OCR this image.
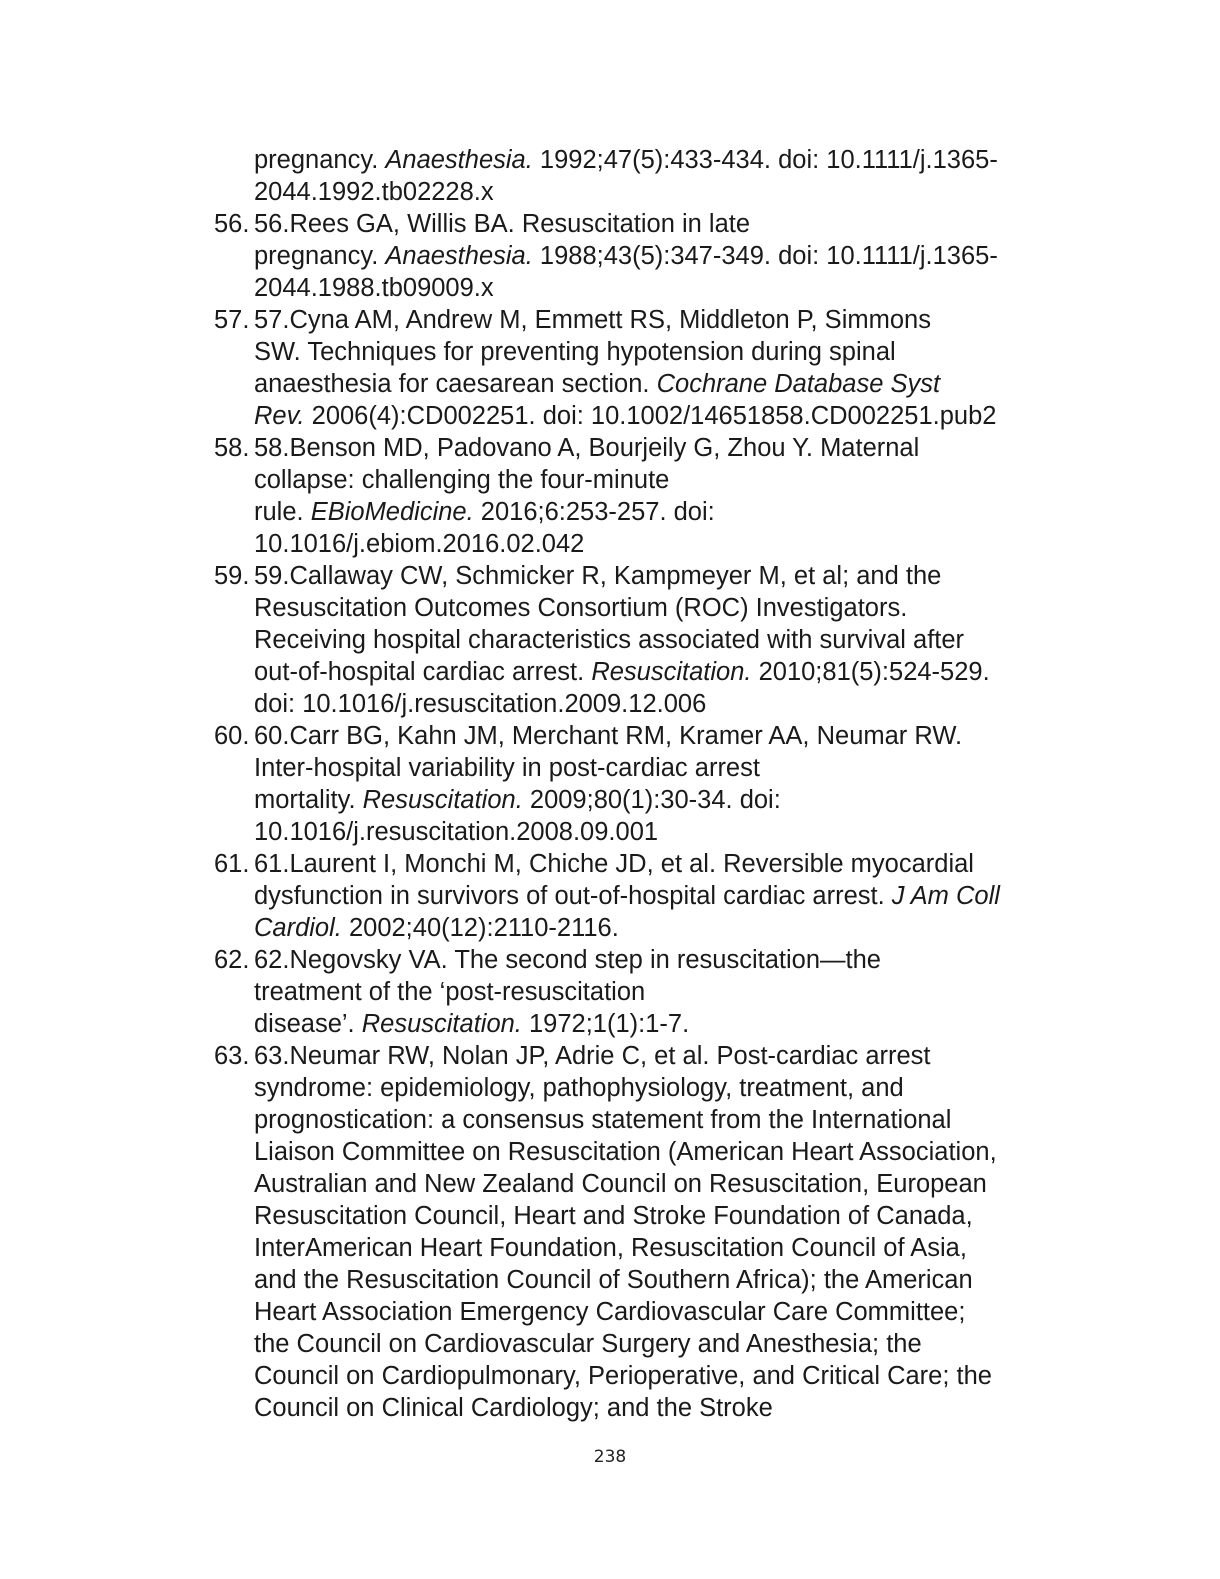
pregnancy. Anaesthesia. 1992;47(5):433-434. doi: 10.1111/j.1365-
2044.1992.tb02228.x
56. 56.Rees GA, Willis BA. Resuscitation in late
pregnancy. Anaesthesia. 1988;43(5):347-349. doi: 10.1111/j.1365-
2044.1988.tb09009.x
57. 57.Cyna AM, Andrew M, Emmett RS, Middleton P, Simmons
SW. Techniques for preventing hypotension during spinal
anaesthesia for caesarean section. Cochrane Database Syst
Rev. 2006(4):CD002251. doi: 10.1002/14651858.CD002251.pub2
58. 58.Benson MD, Padovano A, Bourjeily G, Zhou Y. Maternal
collapse: challenging the four-minute
rule. EBioMedicine. 2016;6:253-257. doi:
10.1016/j.ebiom.2016.02.042
59. 59.Callaway CW, Schmicker R, Kampmeyer M, et al; and the
Resuscitation Outcomes Consortium (ROC) Investigators.
Receiving hospital characteristics associated with survival after
out-of-hospital cardiac arrest. Resuscitation. 2010;81(5):524-529.
doi: 10.1016/j.resuscitation.2009.12.006
60. 60.Carr BG, Kahn JM, Merchant RM, Kramer AA, Neumar RW.
Inter-hospital variability in post-cardiac arrest
mortality. Resuscitation. 2009;80(1):30-34. doi:
10.1016/j.resuscitation.2008.09.001
61. 61.Laurent I, Monchi M, Chiche JD, et al. Reversible myocardial
dysfunction in survivors of out-of-hospital cardiac arrest. J Am Coll
Cardiol. 2002;40(12):2110-2116.
62. 62.Negovsky VA. The second step in resuscitation—the
treatment of the ‘post-resuscitation
disease’. Resuscitation. 1972;1(1):1-7.
63. 63.Neumar RW, Nolan JP, Adrie C, et al. Post-cardiac arrest
syndrome: epidemiology, pathophysiology, treatment, and
prognostication: a consensus statement from the International
Liaison Committee on Resuscitation (American Heart Association,
Australian and New Zealand Council on Resuscitation, European
Resuscitation Council, Heart and Stroke Foundation of Canada,
InterAmerican Heart Foundation, Resuscitation Council of Asia,
and the Resuscitation Council of Southern Africa); the American
Heart Association Emergency Cardiovascular Care Committee;
the Council on Cardiovascular Surgery and Anesthesia; the
Council on Cardiopulmonary, Perioperative, and Critical Care; the
Council on Clinical Cardiology; and the Stroke
238
